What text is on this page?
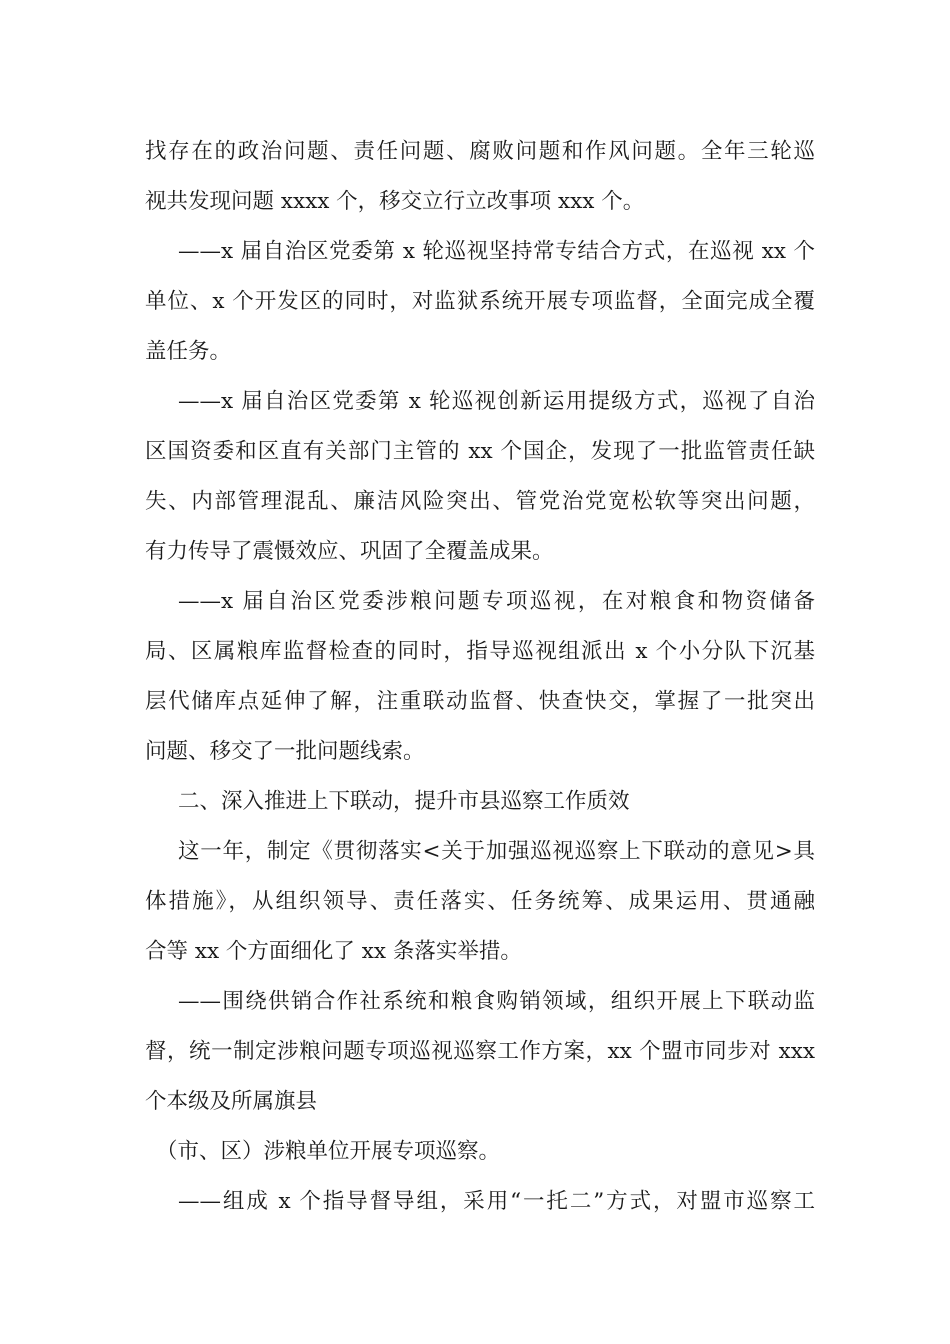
找存在的政治问题、责任问题、腐败问题和作风问题。全年三轮巡
视共发现问题 xxxx 个，移交立行立改事项 xxx 个。
——x 届自治区党委第 x 轮巡视坚持常专结合方式，在巡视 xx 个
单位、x 个开发区的同时，对监狱系统开展专项监督，全面完成全覆
盖任务。
——x 届自治区党委第 x 轮巡视创新运用提级方式，巡视了自治
区国资委和区直有关部门主管的 xx 个国企，发现了一批监管责任缺
失、内部管理混乱、廉洁风险突出、管党治党宽松软等突出问题，
有力传导了震慑效应、巩固了全覆盖成果。
——x 届自治区党委涉粮问题专项巡视，在对粮食和物资储备
局、区属粮库监督检查的同时，指导巡视组派出 x 个小分队下沉基
层代储库点延伸了解，注重联动监督、快查快交，掌握了一批突出
问题、移交了一批问题线索。
二、深入推进上下联动，提升市县巡察工作质效
这一年，制定《贯彻落实<关于加强巡视巡察上下联动的意见>具
体措施》，从组织领导、责任落实、任务统筹、成果运用、贯通融
合等 xx 个方面细化了 xx 条落实举措。
——围绕供销合作社系统和粮食购销领域，组织开展上下联动监
督，统一制定涉粮问题专项巡视巡察工作方案，xx 个盟市同步对 xxx
个本级及所属旗县
（市、区）涉粮单位开展专项巡察。
——组成 x 个指导督导组，采用“一托二”方式，对盟市巡察工
